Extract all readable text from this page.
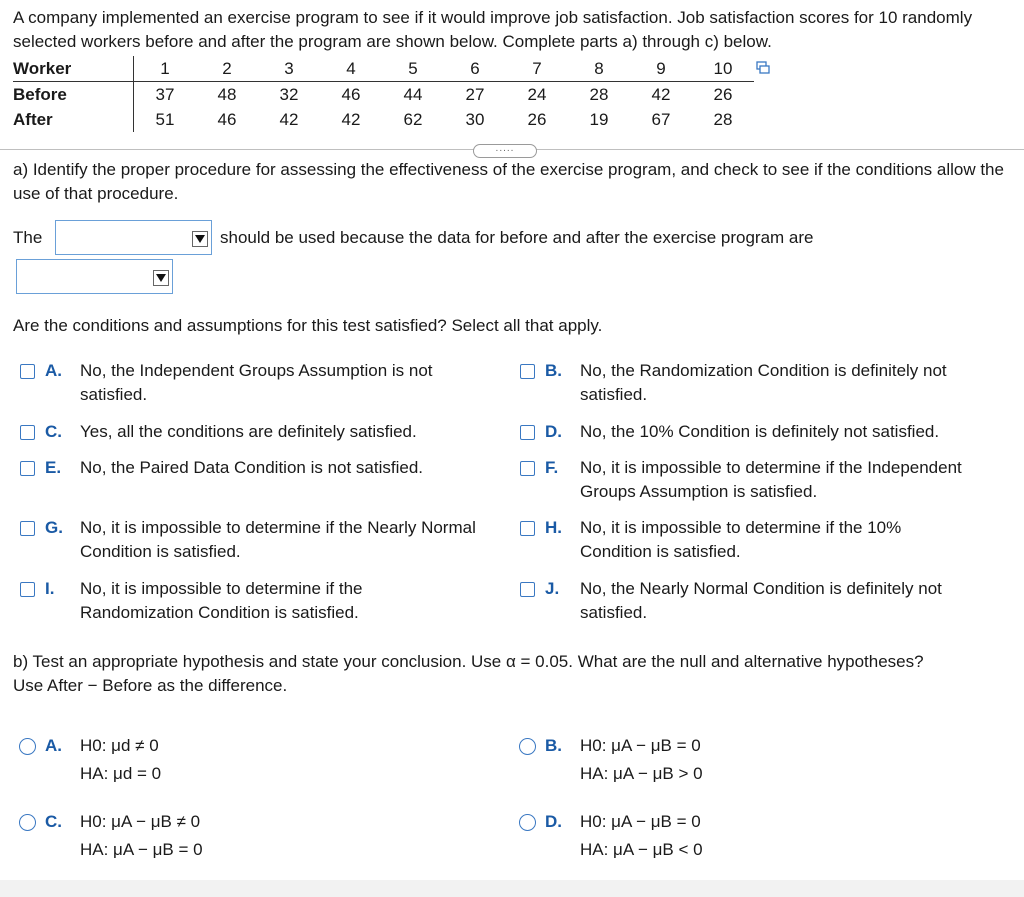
A company implemented an exercise program to see if it would improve job satisfaction. Job satisfaction scores for 10 randomly selected workers before and after the program are shown below. Complete parts a) through c) below.
Worker	1	2	3	4	5	6	7	8	9	10
Before	37	48	32	46	44	27	24	28	42	26
After	51	46	42	42	62	30	26	19	67	28
.....
a) Identify the proper procedure for assessing the effectiveness of the exercise program, and check to see if the conditions allow the use of that procedure.
The	should be used because the data for before and after the exercise program are
Are the conditions and assumptions for this test satisfied? Select all that apply.
A. No, the Independent Groups Assumption is not satisfied.
B. No, the Randomization Condition is definitely not satisfied.
C. Yes, all the conditions are definitely satisfied.	D. No, the 10% Condition is definitely not satisfied.
E. No, the Paired Data Condition is not satisfied.	F. No, it is impossible to determine if the Independent Groups Assumption is satisfied.
G. No, it is impossible to determine if the Nearly Normal Condition is satisfied.
H. No, it is impossible to determine if the 10% Condition is satisfied.
I. No, it is impossible to determine if the Randomization Condition is satisfied.
J. No, the Nearly Normal Condition is definitely not satisfied.
b) Test an appropriate hypothesis and state your conclusion. Use α = 0.05. What are the null and alternative hypotheses? Use After − Before as the difference.
A. H0: μd ≠ 0
HA: μd = 0
B. H0: μA − μB = 0
HA: μA − μB > 0
C. H0: μA − μB ≠ 0
HA: μA − μB = 0
D. H0: μA − μB = 0
HA: μA − μB < 0
